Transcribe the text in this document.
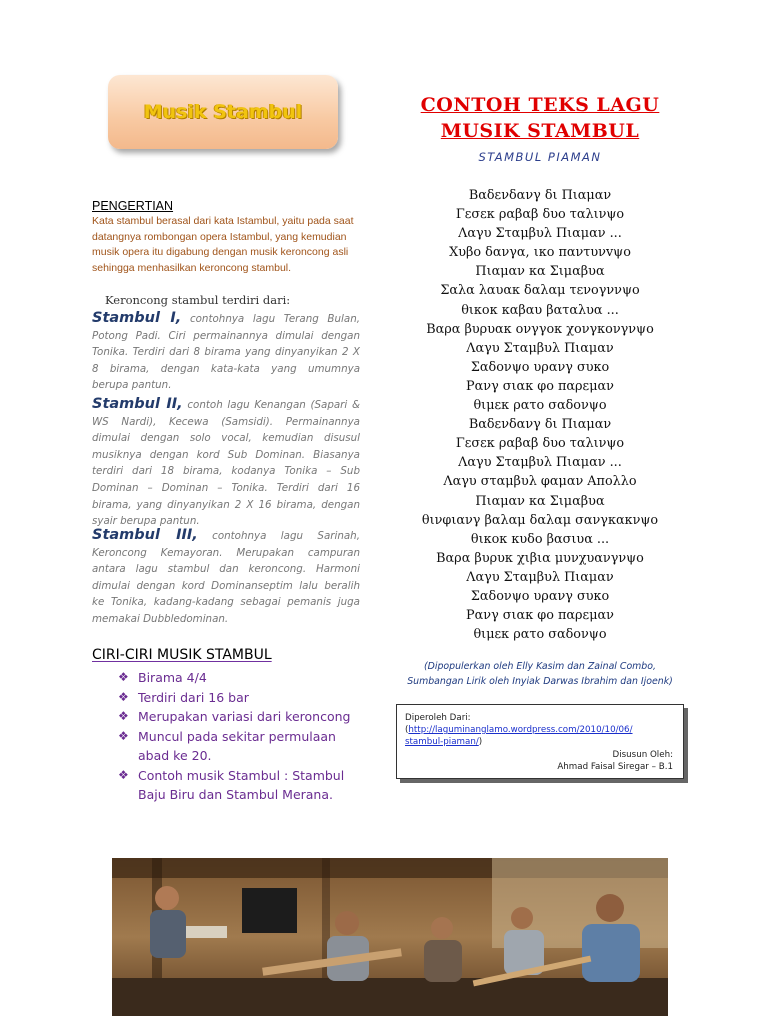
Musik Stambul
PENGERTIAN
Kata stambul berasal dari kata Istambul, yaitu pada saat
datangnya rombongan opera Istambul, yang kemudian
musik opera itu digabung dengan musik keroncong asli
sehingga menhasilkan keroncong stambul.
Keroncong stambul terdiri dari:
Stambul I, contohnya lagu Terang Bulan,
Potong Padi. Ciri permainannya dimulai dengan
Tonika. Terdiri dari 8 birama yang dinyanyikan 2 X
8 birama, dengan kata-kata yang umumnya
berupa pantun.
Stambul II, contoh lagu Kenangan (Sapari &
WS Nardi), Kecewa (Samsidi). Permainannya
dimulai dengan solo vocal, kemudian disusul
musiknya dengan kord Sub Dominan. Biasanya
terdiri dari 18 birama, kodanya Tonika – Sub
Dominan – Dominan – Tonika. Terdiri dari 16
birama, yang dinyanyikan 2 X 16 birama, dengan
syair berupa pantun.
Stambul III, contohnya lagu Sarinah,
Keroncong Kemayoran. Merupakan campuran
antara lagu stambul dan keroncong. Harmoni
dimulai dengan kord Dominanseptim lalu beralih
ke Tonika, kadang-kadang sebagai pemanis juga
memakai Dubbledominan.
CIRI-CIRI MUSIK STAMBUL
❖ Birama 4/4
❖ Terdiri dari 16 bar
❖ Merupakan variasi dari keroncong
❖ Muncul pada sekitar permulaan
abad ke 20.
❖ Contoh musik Stambul : Stambul
Baju Biru dan Stambul Merana.
CONTOH TEKS LAGU
MUSIK STAMBUL
STAMBUL PIAMAN
Βαδενδανγ δι Πιαμαν
Γεσεκ ραβαβ δυο ταλινψο
Λαγυ Σταμβυλ Πιαμαν ...
Χυβο δανγα, ικο παντυνvψο
Πιαμαν κα Σιμαβυα
Σαλα λαυακ δαλαμ τενογννψο
θικοκ καβαυ βαταλυα ...
Βαρα βυρυακ ονγγοκ χονγκονγνψο
Λαγυ Σταμβυλ Πιαμαν
Σαδονψο υρανγ συκο
Ρανγ σιακ φο παρεμαν
θιμεκ ρατο σαδονψο
Βαδενδανγ δι Πιαμαν
Γεσεκ ραβαβ δυο ταλινψο
Λαγυ Σταμβυλ Πιαμαν ...
Λαγυ σταμβυλ φαμαν Απολλο
Πιαμαν κα Σιμαβυα
θινφιανγ βαλαμ δαλαμ σανγκακνψο
θικοκ κυδο βασιυα ...
Βαρα βυρυκ χιβια μυνχυανγνψο
Λαγυ Σταμβυλ Πιαμαν
Σαδονψο υρανγ συκο
Ρανγ σιακ φο παρεμαν
θιμεκ ρατο σαδονψο
(Dipopulerkan oleh Elly Kasim dan Zainal Combo,
Sumbangan Lirik oleh Inyiak Darwas Ibrahim dan Ijoenk)
Diperoleh Dari:
(http://laguminanglamo.wordpress.com/2010/10/06/
stambul-piaman/)
Disusun Oleh:
Ahmad Faisal Siregar – B.1
